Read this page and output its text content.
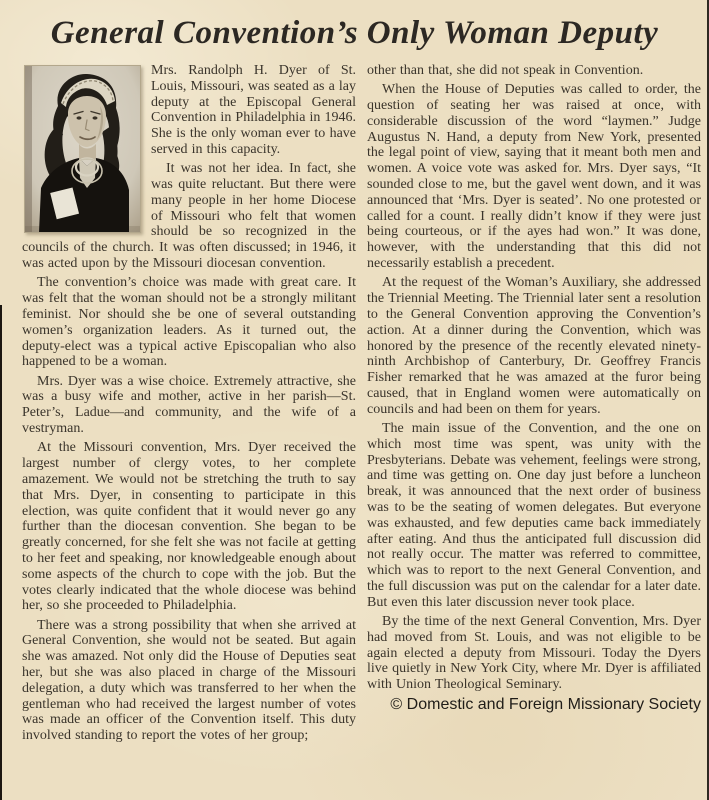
General Convention’s Only Woman Deputy

Mrs. Randolph H. Dyer of St. Louis, Missouri, was seated as a lay deputy at the Episcopal General Convention in Philadelphia in 1946. She is the only woman ever to have served in this capacity.

It was not her idea. In fact, she was quite reluctant. But there were many people in her home Diocese of Missouri who felt that women should be so recognized in the councils of the church. It was often discussed; in 1946, it was acted upon by the Missouri diocesan convention.

The convention’s choice was made with great care. It was felt that the woman should not be a strongly militant feminist. Nor should she be one of several outstanding women’s organization leaders. As it turned out, the deputy-elect was a typical active Episcopalian who also happened to be a woman.

Mrs. Dyer was a wise choice. Extremely attractive, she was a busy wife and mother, active in her parish—St. Peter’s, Ladue—and community, and the wife of a vestryman.

At the Missouri convention, Mrs. Dyer received the largest number of clergy votes, to her complete amazement. We would not be stretching the truth to say that Mrs. Dyer, in consenting to participate in this election, was quite confident that it would never go any further than the diocesan convention. She began to be greatly concerned, for she felt she was not facile at getting to her feet and speaking, nor knowledgeable enough about some aspects of the church to cope with the job. But the votes clearly indicated that the whole diocese was behind her, so she proceeded to Philadelphia.

There was a strong possibility that when she arrived at General Convention, she would not be seated. But again she was amazed. Not only did the House of Deputies seat her, but she was also placed in charge of the Missouri delegation, a duty which was transferred to her when the gentleman who had received the largest number of votes was made an officer of the Convention itself. This duty involved standing to report the votes of her group;

other than that, she did not speak in Convention.

When the House of Deputies was called to order, the question of seating her was raised at once, with considerable discussion of the word “laymen.” Judge Augustus N. Hand, a deputy from New York, presented the legal point of view, saying that it meant both men and women. A voice vote was asked for. Mrs. Dyer says, “It sounded close to me, but the gavel went down, and it was announced that ‘Mrs. Dyer is seated’. No one protested or called for a count. I really didn’t know if they were just being courteous, or if the ayes had won.” It was done, however, with the understanding that this did not necessarily establish a precedent.

At the request of the Woman’s Auxiliary, she addressed the Triennial Meeting. The Triennial later sent a resolution to the General Convention approving the Convention’s action. At a dinner during the Convention, which was honored by the presence of the recently elevated ninety-ninth Archbishop of Canterbury, Dr. Geoffrey Francis Fisher remarked that he was amazed at the furor being caused, that in England women were automatically on councils and had been on them for years.

The main issue of the Convention, and the one on which most time was spent, was unity with the Presbyterians. Debate was vehement, feelings were strong, and time was getting on. One day just before a luncheon break, it was announced that the next order of business was to be the seating of women delegates. But everyone was exhausted, and few deputies came back immediately after eating. And thus the anticipated full discussion did not really occur. The matter was referred to committee, which was to report to the next General Convention, and the full discussion was put on the calendar for a later date. But even this later discussion never took place.

By the time of the next General Convention, Mrs. Dyer had moved from St. Louis, and was not eligible to be again elected a deputy from Missouri. Today the Dyers live quietly in New York City, where Mr. Dyer is affiliated with Union Theological Seminary.

© Domestic and Foreign Missionary Society
